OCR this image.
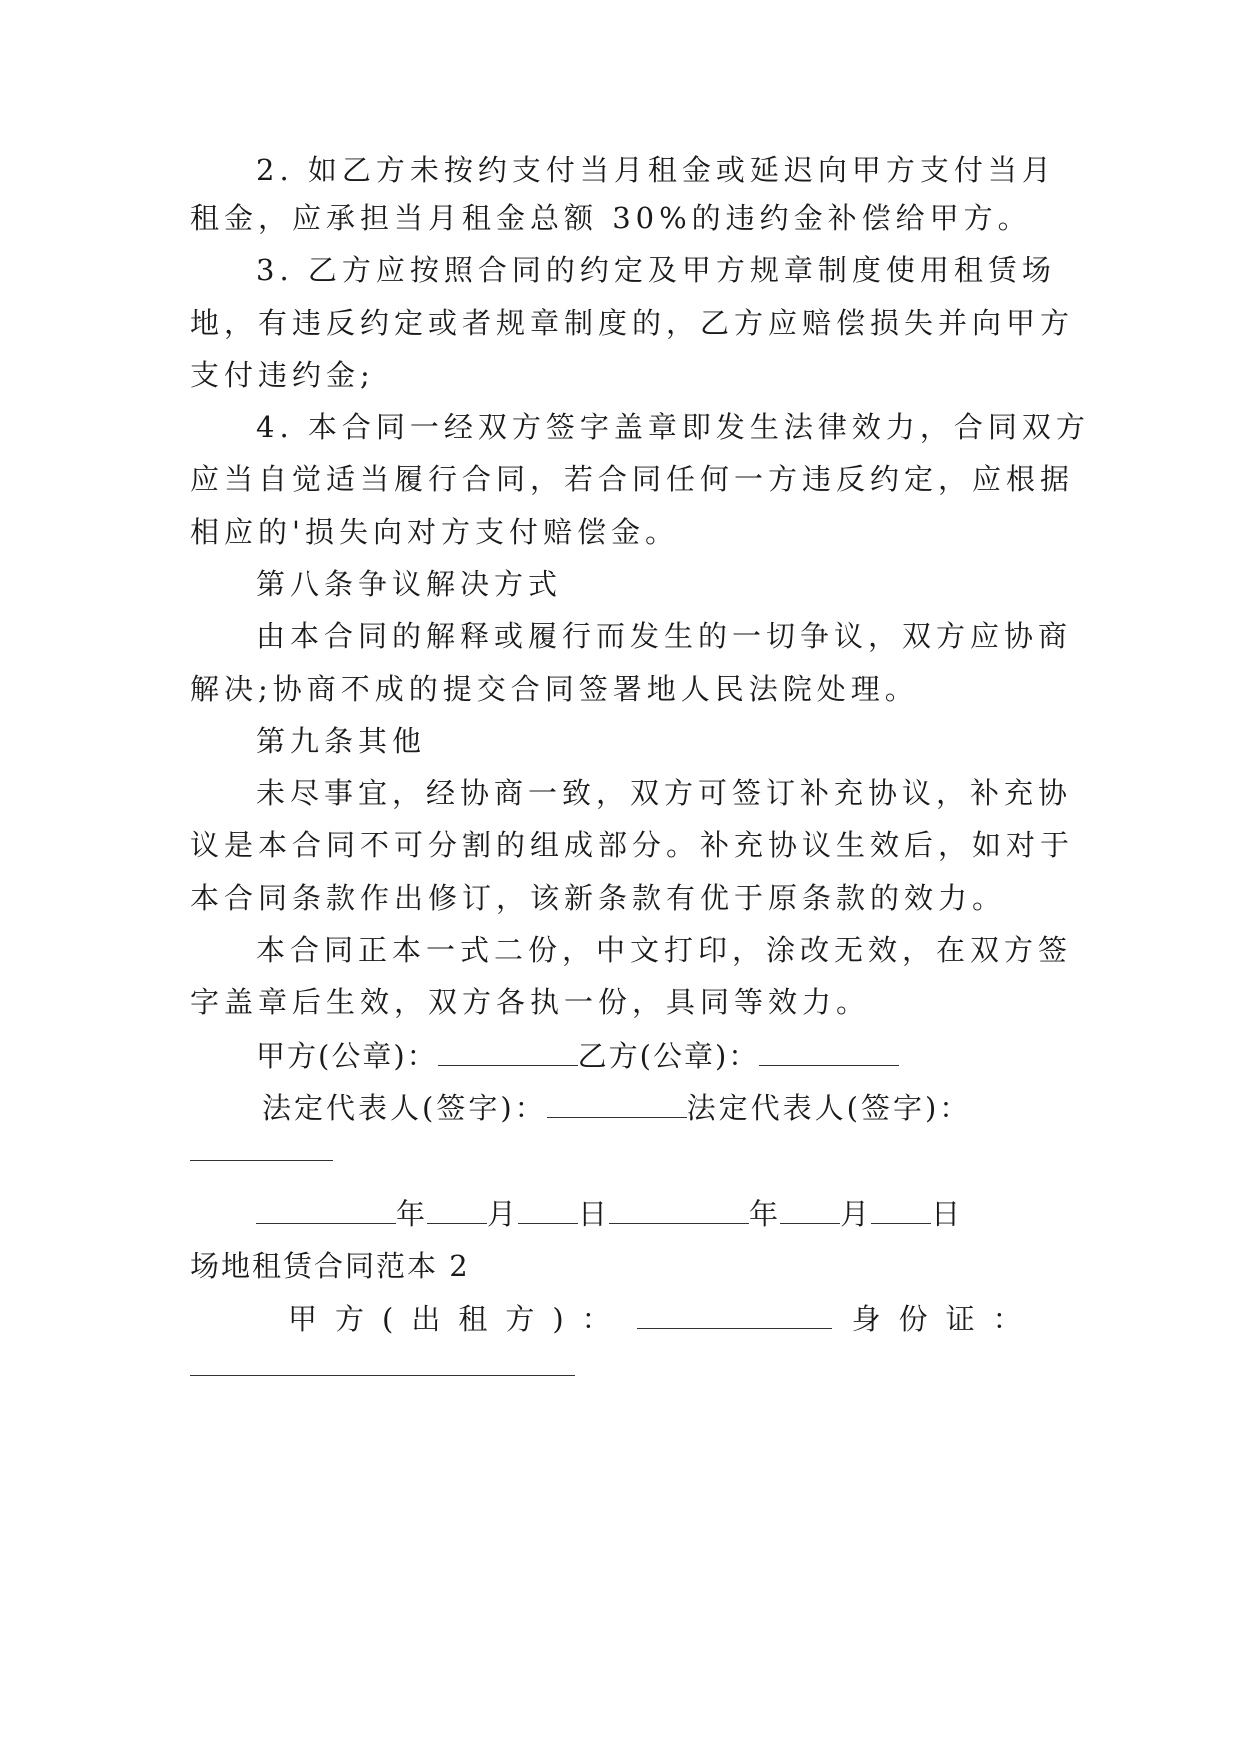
2. 如乙方未按约支付当月租金或延迟向甲方支付当月
租金，应承担当月租金总额 30%的违约金补偿给甲方。
3. 乙方应按照合同的约定及甲方规章制度使用租赁场
地，有违反约定或者规章制度的，乙方应赔偿损失并向甲方
支付违约金;
4. 本合同一经双方签字盖章即发生法律效力，合同双方
应当自觉适当履行合同，若合同任何一方违反约定，应根据
相应的'损失向对方支付赔偿金。
第八条争议解决方式
由本合同的解释或履行而发生的一切争议，双方应协商
解决;协商不成的提交合同签署地人民法院处理。
第九条其他
未尽事宜，经协商一致，双方可签订补充协议，补充协
议是本合同不可分割的组成部分。补充协议生效后，如对于
本合同条款作出修订，该新条款有优于原条款的效力。
本合同正本一式二份，中文打印，涂改无效，在双方签
字盖章后生效，双方各执一份，具同等效力。
甲方(公章)：	乙方(公章)：
法定代表人(签字)：	法定代表人(签字)：
年 月 日	年 月 日
场地租赁合同范本 2
甲方(出租方)：	身份证：
